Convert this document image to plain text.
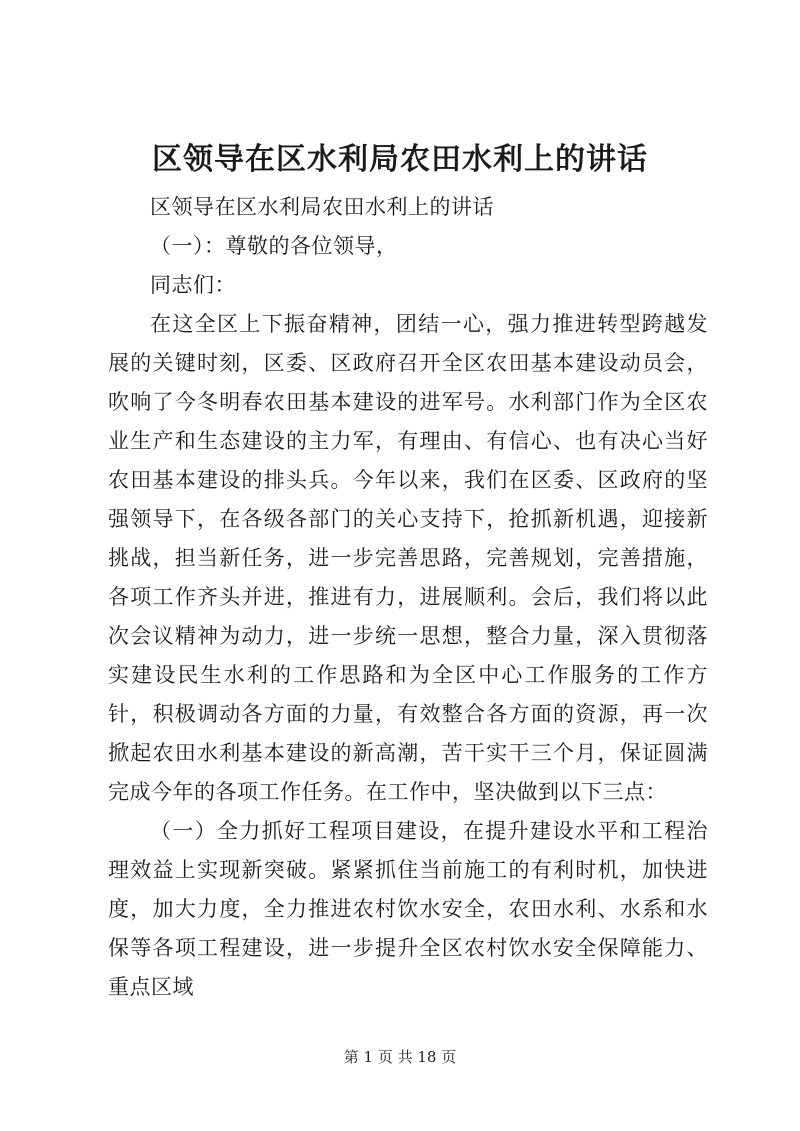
区领导在区水利局农田水利上的讲话

区领导在区水利局农田水利上的讲话

（一）：尊敬的各位领导，

同志们：

在这全区上下振奋精神，团结一心，强力推进转型跨越发展的关键时刻，区委、区政府召开全区农田基本建设动员会，吹响了今冬明春农田基本建设的进军号。水利部门作为全区农业生产和生态建设的主力军，有理由、有信心、也有决心当好农田基本建设的排头兵。今年以来，我们在区委、区政府的坚强领导下，在各级各部门的关心支持下，抢抓新机遇，迎接新挑战，担当新任务，进一步完善思路，完善规划，完善措施，各项工作齐头并进，推进有力，进展顺利。会后，我们将以此次会议精神为动力，进一步统一思想，整合力量，深入贯彻落实建设民生水利的工作思路和为全区中心工作服务的工作方针，积极调动各方面的力量，有效整合各方面的资源，再一次掀起农田水利基本建设的新高潮，苦干实干三个月，保证圆满完成今年的各项工作任务。在工作中，坚决做到以下三点：

（一）全力抓好工程项目建设，在提升建设水平和工程治理效益上实现新突破。紧紧抓住当前施工的有利时机，加快进度，加大力度，全力推进农村饮水安全，农田水利、水系和水保等各项工程建设，进一步提升全区农村饮水安全保障能力、重点区域

第 1 页 共 18 页
